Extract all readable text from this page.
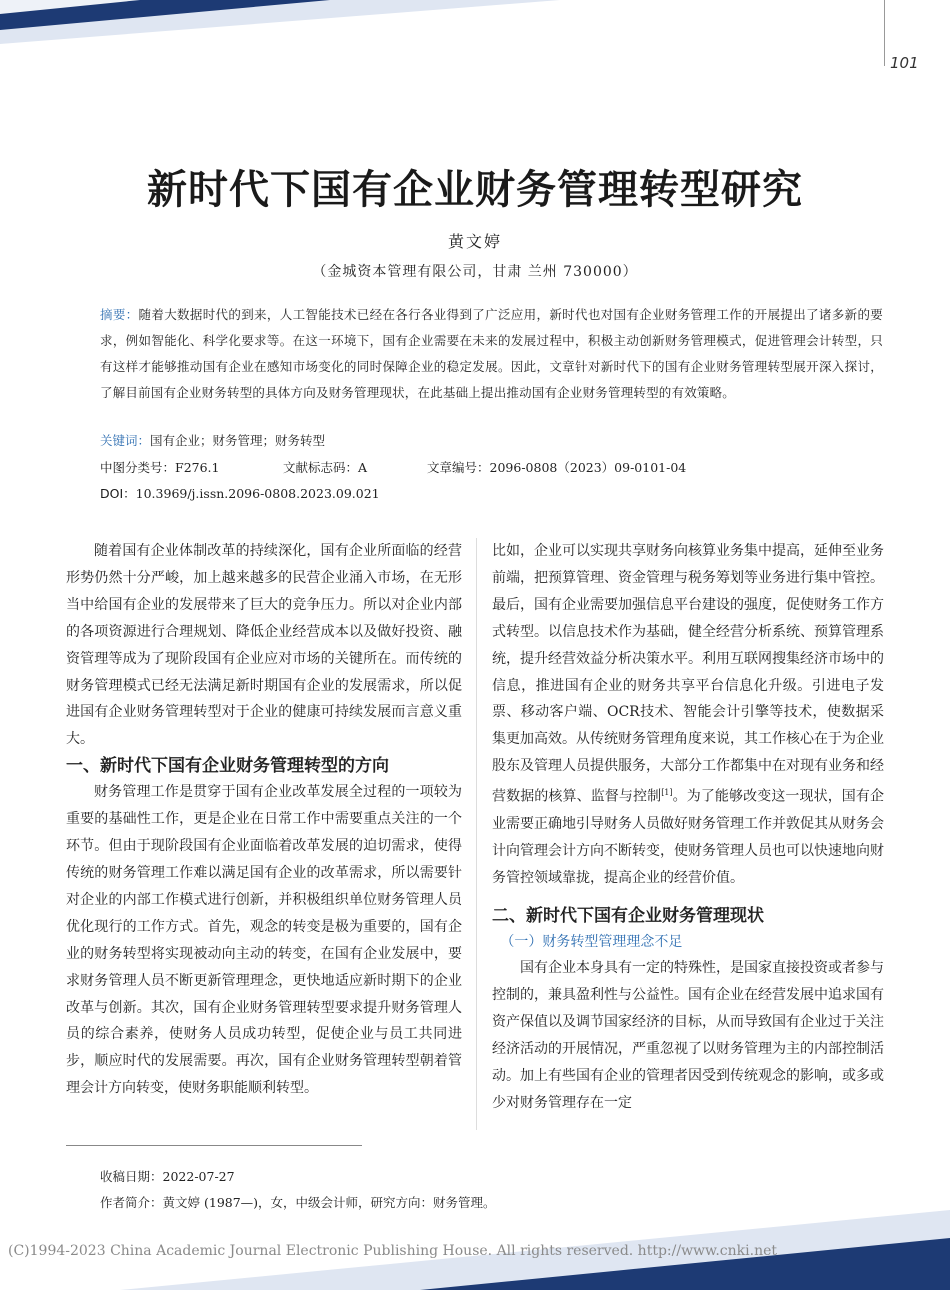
101
新时代下国有企业财务管理转型研究
黄文婷
（金城资本管理有限公司，甘肃 兰州 730000）
摘要：随着大数据时代的到来，人工智能技术已经在各行各业得到了广泛应用，新时代也对国有企业财务管理工作的开展提出了诸多新的要求，例如智能化、科学化要求等。在这一环境下，国有企业需要在未来的发展过程中，积极主动创新财务管理模式，促进管理会计转型，只有这样才能够推动国有企业在感知市场变化的同时保障企业的稳定发展。因此，文章针对新时代下的国有企业财务管理转型展开深入探讨，了解目前国有企业财务转型的具体方向及财务管理现状，在此基础上提出推动国有企业财务管理转型的有效策略。
关键词：国有企业；财务管理；财务转型
中图分类号：F276.1	文献标志码：A	文章编号：2096-0808（2023）09-0101-04
DOI：10.3969/j.issn.2096-0808.2023.09.021

随着国有企业体制改革的持续深化，国有企业所面临的经营形势仍然十分严峻，加上越来越多的民营企业涌入市场，在无形当中给国有企业的发展带来了巨大的竞争压力。所以对企业内部的各项资源进行合理规划、降低企业经营成本以及做好投资、融资管理等成为了现阶段国有企业应对市场的关键所在。而传统的财务管理模式已经无法满足新时期国有企业的发展需求，所以促进国有企业财务管理转型对于企业的健康可持续发展而言意义重大。

一、新时代下国有企业财务管理转型的方向

财务管理工作是贯穿于国有企业改革发展全过程的一项较为重要的基础性工作，更是企业在日常工作中需要重点关注的一个环节。但由于现阶段国有企业面临着改革发展的迫切需求，使得传统的财务管理工作难以满足国有企业的改革需求，所以需要针对企业的内部工作模式进行创新，并积极组织单位财务管理人员优化现行的工作方式。首先，观念的转变是极为重要的，国有企业的财务转型将实现被动向主动的转变，在国有企业发展中，要求财务管理人员不断更新管理理念，更快地适应新时期下的企业改革与创新。其次，国有企业财务管理转型要求提升财务管理人员的综合素养，使财务人员成功转型，促使企业与员工共同进步，顺应时代的发展需要。再次，国有企业财务管理转型朝着管理会计方向转变，使财务职能顺利转型。

比如，企业可以实现共享财务向核算业务集中提高，延伸至业务前端，把预算管理、资金管理与税务筹划等业务进行集中管控。最后，国有企业需要加强信息平台建设的强度，促使财务工作方式转型。以信息技术作为基础，健全经营分析系统、预算管理系统，提升经营效益分析决策水平。利用互联网搜集经济市场中的信息，推进国有企业的财务共享平台信息化升级。引进电子发票、移动客户端、OCR技术、智能会计引擎等技术，使数据采集更加高效。从传统财务管理角度来说，其工作核心在于为企业股东及管理人员提供服务，大部分工作都集中在对现有业务和经营数据的核算、监督与控制[1]。为了能够改变这一现状，国有企业需要正确地引导财务人员做好财务管理工作并敦促其从财务会计向管理会计方向不断转变，使财务管理人员也可以快速地向财务管控领域靠拢，提高企业的经营价值。

二、新时代下国有企业财务管理现状

（一）财务转型管理理念不足

国有企业本身具有一定的特殊性，是国家直接投资或者参与控制的，兼具盈利性与公益性。国有企业在经营发展中追求国有资产保值以及调节国家经济的目标，从而导致国有企业过于关注经济活动的开展情况，严重忽视了以财务管理为主的内部控制活动。加上有些国有企业的管理者因受到传统观念的影响，或多或少对财务管理存在一定

收稿日期：2022-07-27
作者简介：黄文婷 (1987—)，女，中级会计师，研究方向：财务管理。
(C)1994-2023 China Academic Journal Electronic Publishing House. All rights reserved. http://www.cnki.net
